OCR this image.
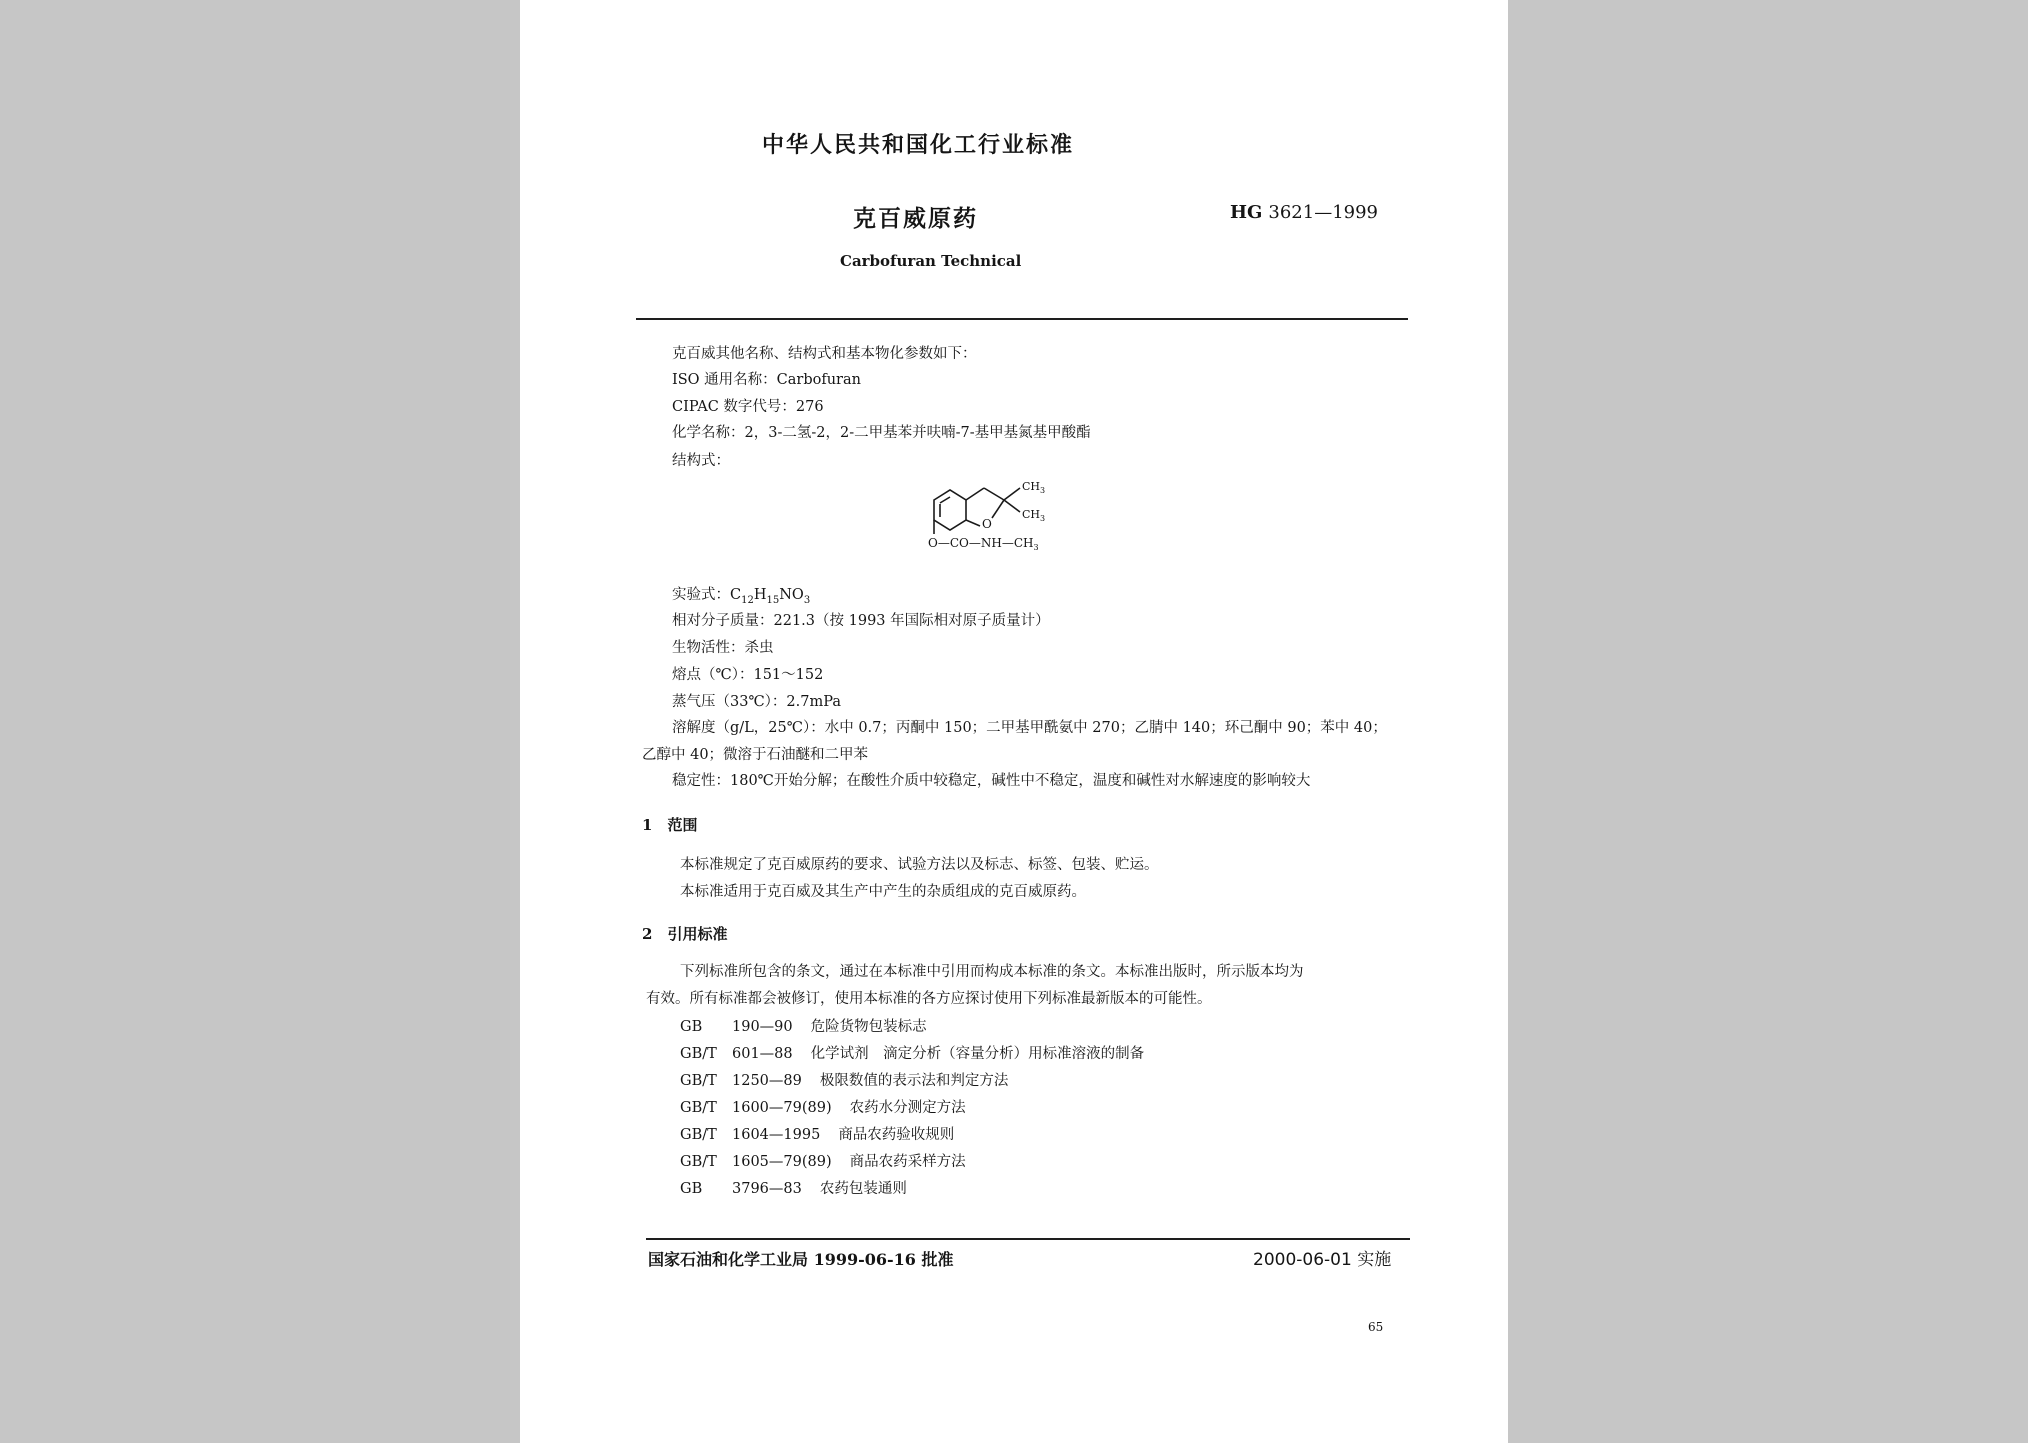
中华人民共和国化工行业标准
克百威原药	HG 3621—1999
Carbofuran Technical
克百威其他名称、结构式和基本物化参数如下：
ISO 通用名称：Carbofuran
CIPAC 数字代号：276
化学名称：2，3-二氢-2，2-二甲基苯并呋喃-7-基甲基氮基甲酸酯
结构式：
$CH_3$
$CH_3$
O
$O—CO—NH—CH_3$
实验式：$C_{12}H_{15}NO_3$
相对分子质量：221.3（按 1993 年国际相对原子质量计）
生物活性：杀虫
熔点（℃）：151～152
蒸气压（33℃）：2.7mPa
溶解度（g/L，25℃）：水中 0.7；丙酮中 150；二甲基甲酰氨中 270；乙腈中 140；环己酮中 90；苯中 40；
乙醇中 40；微溶于石油醚和二甲苯
稳定性：180℃开始分解；在酸性介质中较稳定，碱性中不稳定，温度和碱性对水解速度的影响较大
1　 范围
本标准规定了克百威原药的要求、试验方法以及标志、标签、包装、贮运。
本标准适用于克百威及其生产中产生的杂质组成的克百威原药。
2　 引用标准
下列标准所包含的条文，通过在本标准中引用而构成本标准的条文。本标准出版时，所示版本均为
有效。所有标准都会被修订，使用本标准的各方应探讨使用下列标准最新版本的可能性。
GB 190—90 危险货物包装标志
GB/T 601—88 化学试剂　滴定分析（容量分析）用标准溶液的制备
GB/T 1250—89 极限数值的表示法和判定方法
GB/T 1600—79(89) 农药水分测定方法
GB/T 1604—1995 商品农药验收规则
GB/T 1605—79(89) 商品农药采样方法
GB 3796—83 农药包装通则
国家石油和化学工业局 1999-06-16 批准	2000-06-01 实施
65
